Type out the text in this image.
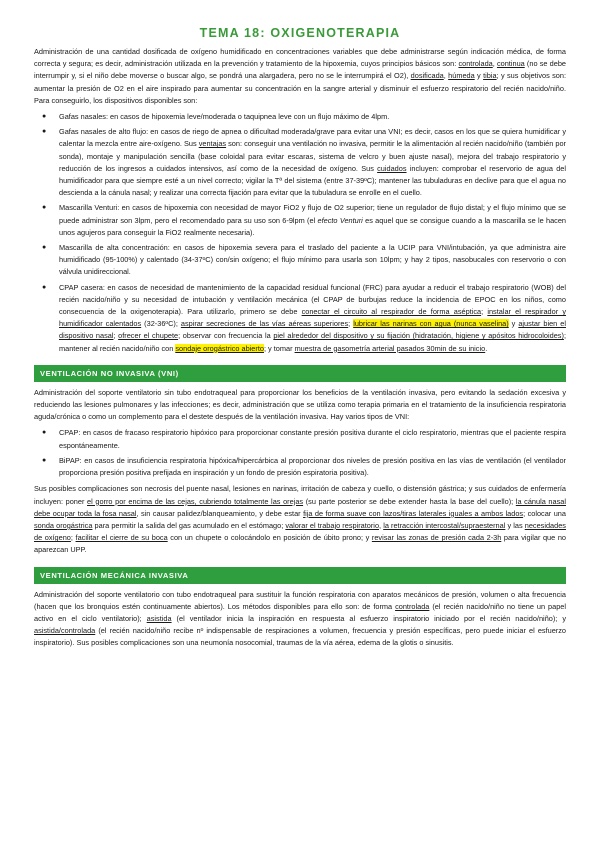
TEMA 18: OXIGENOTERAPIA

Administración de una cantidad dosificada de oxígeno humidificado en concentraciones variables que debe administrarse según indicación médica, de forma correcta y segura; es decir, administración utilizada en la prevención y tratamiento de la hipoxemia, cuyos principios básicos son: controlada, continua (no se debe interrumpir y, si el niño debe moverse o buscar algo, se pondrá una alargadera, pero no se le interrumpirá el O2), dosificada, húmeda y tibia; y sus objetivos son: aumentar la presión de O2 en el aire inspirado para aumentar su concentración en la sangre arterial y disminuir el esfuerzo respiratorio del recién nacido/niño. Para conseguirlo, los dispositivos disponibles son:

● Gafas nasales: en casos de hipoxemia leve/moderada o taquipnea leve con un flujo máximo de 4lpm.
● Gafas nasales de alto flujo: en casos de riego de apnea o dificultad moderada/grave para evitar una VNI; es decir, casos en los que se quiera humidificar y calentar la mezcla entre aire-oxígeno. Sus ventajas son: conseguir una ventilación no invasiva, permitir le la alimentación al recién nacido/niño (también por sonda), montaje y manipulación sencilla (base coloidal para evitar escaras, sistema de velcro y buen ajuste nasal), mejora del trabajo respiratorio y reducción de los ingresos a cuidados intensivos, así como de la necesidad de oxígeno. Sus cuidados incluyen: comprobar el reservorio de agua del humidificador para que siempre esté a un nivel correcto; vigilar la Tª del sistema (entre 37-39ºC); mantener las tubuladuras en declive para que el agua no descienda a la cánula nasal; y realizar una correcta fijación para evitar que la tubuladura se enrolle en el cuello.
● Mascarilla Venturi: en casos de hipoxemia con necesidad de mayor FiO2 y flujo de O2 superior; tiene un regulador de flujo distal; y el flujo mínimo que se puede administrar son 3lpm, pero el recomendado para su uso son 6-9lpm (el efecto Venturi es aquel que se consigue cuando a la mascarilla se le hacen unos agujeros para conseguir la FiO2 realmente necesaria).
● Mascarilla de alta concentración: en casos de hipoxemia severa para el traslado del paciente a la UCIP para VNI/intubación, ya que administra aire humidificado (95-100%) y calentado (34-37ºC) con/sin oxígeno; el flujo mínimo para usarla son 10lpm; y hay 2 tipos, nasobucales con reservorio o con válvula unidireccional.
● CPAP casera: en casos de necesidad de mantenimiento de la capacidad residual funcional (FRC) para ayudar a reducir el trabajo respiratorio (WOB) del recién nacido/niño y su necesidad de intubación y ventilación mecánica (el CPAP de burbujas reduce la incidencia de EPOC en los niños, como consecuencia de la oxigenoterapia). Para utilizarlo, primero se debe conectar el circuito al respirador de forma aséptica; instalar el respirador y humidificador calentados (32-36ºC); aspirar secreciones de las vías aéreas superiores; lubricar las narinas con agua (nunca vaselina) y ajustar bien el dispositivo nasal; ofrecer el chupete; observar con frecuencia la piel alrededor del dispositivo y su fijación (hidratación, higiene y apósitos hidrocoloides); mantener al recién nacido/niño con sondaje orogástrico abierto; y tomar muestra de gasometría arterial pasados 30min de su inicio.
VENTILACIÓN NO INVASIVA (VNI)

Administración del soporte ventilatorio sin tubo endotraqueal para proporcionar los beneficios de la ventilación invasiva, pero evitando la sedación excesiva y reduciendo las lesiones pulmonares y las infecciones; es decir, administración que se utiliza como terapia primaria en el tratamiento de la insuficiencia respiratoria aguda/crónica o como un complemento para el destete después de la ventilación invasiva. Hay varios tipos de VNI:

● CPAP: en casos de fracaso respiratorio hipóxico para proporcionar constante presión positiva durante el ciclo respiratorio, mientras que el paciente respira espontáneamente.
● BiPAP: en casos de insuficiencia respiratoria hipóxica/hipercárbica al proporcionar dos niveles de presión positiva en las vías de ventilación (el ventilador proporciona presión positiva prefijada en inspiración y un fondo de presión espiratoria positiva).

Sus posibles complicaciones son necrosis del puente nasal, lesiones en narinas, irritación de cabeza y cuello, o distensión gástrica; y sus cuidados de enfermería incluyen: poner el gorro por encima de las cejas, cubriendo totalmente las orejas (su parte posterior se debe extender hasta la base del cuello); la cánula nasal debe ocupar toda la fosa nasal, sin causar palidez/blanqueamiento, y debe estar fija de forma suave con lazos/tiras laterales iguales a ambos lados; colocar una sonda orogástrica para permitir la salida del gas acumulado en el estómago; valorar el trabajo respiratorio, la retracción intercostal/supraesternal y las necesidades de oxígeno; facilitar el cierre de su boca con un chupete o colocándolo en posición de úbito prono; y revisar las zonas de presión cada 2-3h para vigilar que no aparezcan UPP.

VENTILACIÓN MECÁNICA INVASIVA

Administración del soporte ventilatorio con tubo endotraqueal para sustituir la función respiratoria con aparatos mecánicos de presión, volumen o alta frecuencia (hacen que los bronquios estén continuamente abiertos). Los métodos disponibles para ello son: de forma controlada (el recién nacido/niño no tiene un papel activo en el ciclo ventilatorio); asistida (el ventilador inicia la inspiración en respuesta al esfuerzo inspiratorio iniciado por el recién nacido/niño); y asistida/controlada (el recién nacido/niño recibe nº indispensable de respiraciones a volumen, frecuencia y presión específicas, pero puede iniciar el esfuerzo inspiratorio). Sus posibles complicaciones son una neumonía nosocomial, traumas de la vía aérea, edema de la glotis o sinusitis.
